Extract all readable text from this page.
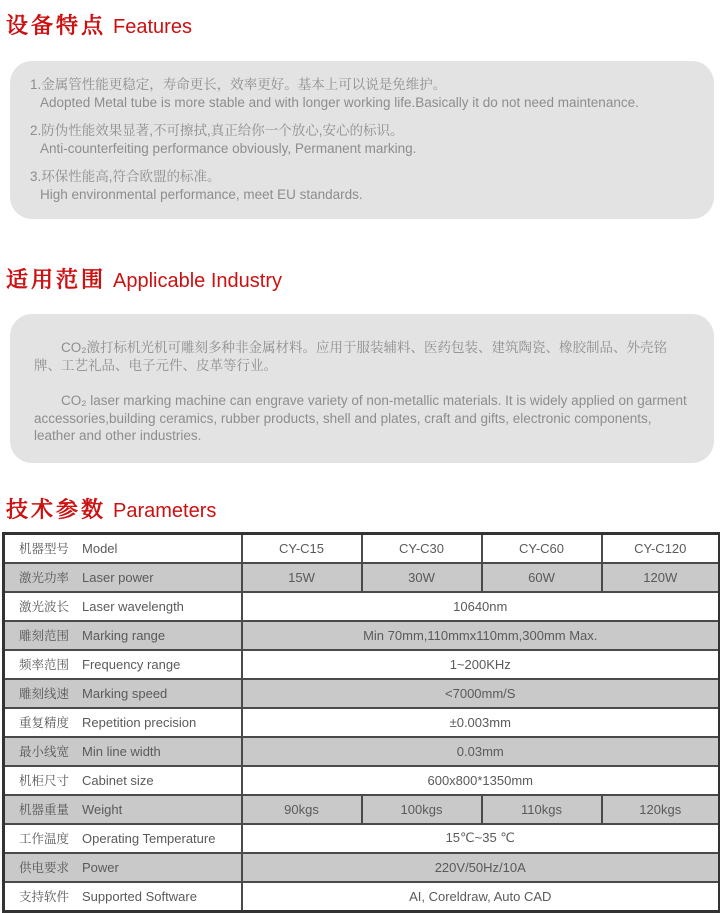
设备特点 Features
1.金属管性能更稳定，寿命更长，效率更好。基本上可以说是免维护。
Adopted Metal tube is more stable and with longer working life.Basically it do not need maintenance.
2.防伪性能效果显著,不可擦拭,真正给你一个放心,安心的标识。
Anti-counterfeiting performance obviously, Permanent marking.
3.环保性能高,符合欧盟的标准。
High environmental performance, meet EU standards.
适用范围 Applicable Industry

CO₂激打标机光机可雕刻多种非金属材料。应用于服装辅料、医药包装、建筑陶瓷、橡胶制品、外壳铭牌、工艺礼品、电子元件、皮革等行业。

CO₂ laser marking machine can engrave variety of non-metallic materials. It is widely applied on garment accessories,building ceramics, rubber products, shell and plates, craft and gifts, electronic components, leather and other industries.

技术参数 Parameters
机器型号 Model	CY-C15	CY-C30	CY-C60	CY-C120
激光功率 Laser power	15W	30W	60W	120W
激光波长 Laser wavelength	10640nm			
雕刻范围 Marking range	Min 70mm,110mmx110mm,300mm Max.			
频率范围 Frequency range	1~200KHz			
雕刻线速 Marking speed	<7000mm/S			
重复精度 Repetition precision	±0.003mm			
最小线宽 Min line width	0.03mm			
机柜尺寸 Cabinet size	600x800*1350mm			
机器重量 Weight	90kgs	100kgs	110kgs	120kgs
工作温度 Operating Temperature	15℃~35 ℃			
供电要求 Power	220V/50Hz/10A			
支持软件 Supported Software	AI, Coreldraw, Auto CAD			
